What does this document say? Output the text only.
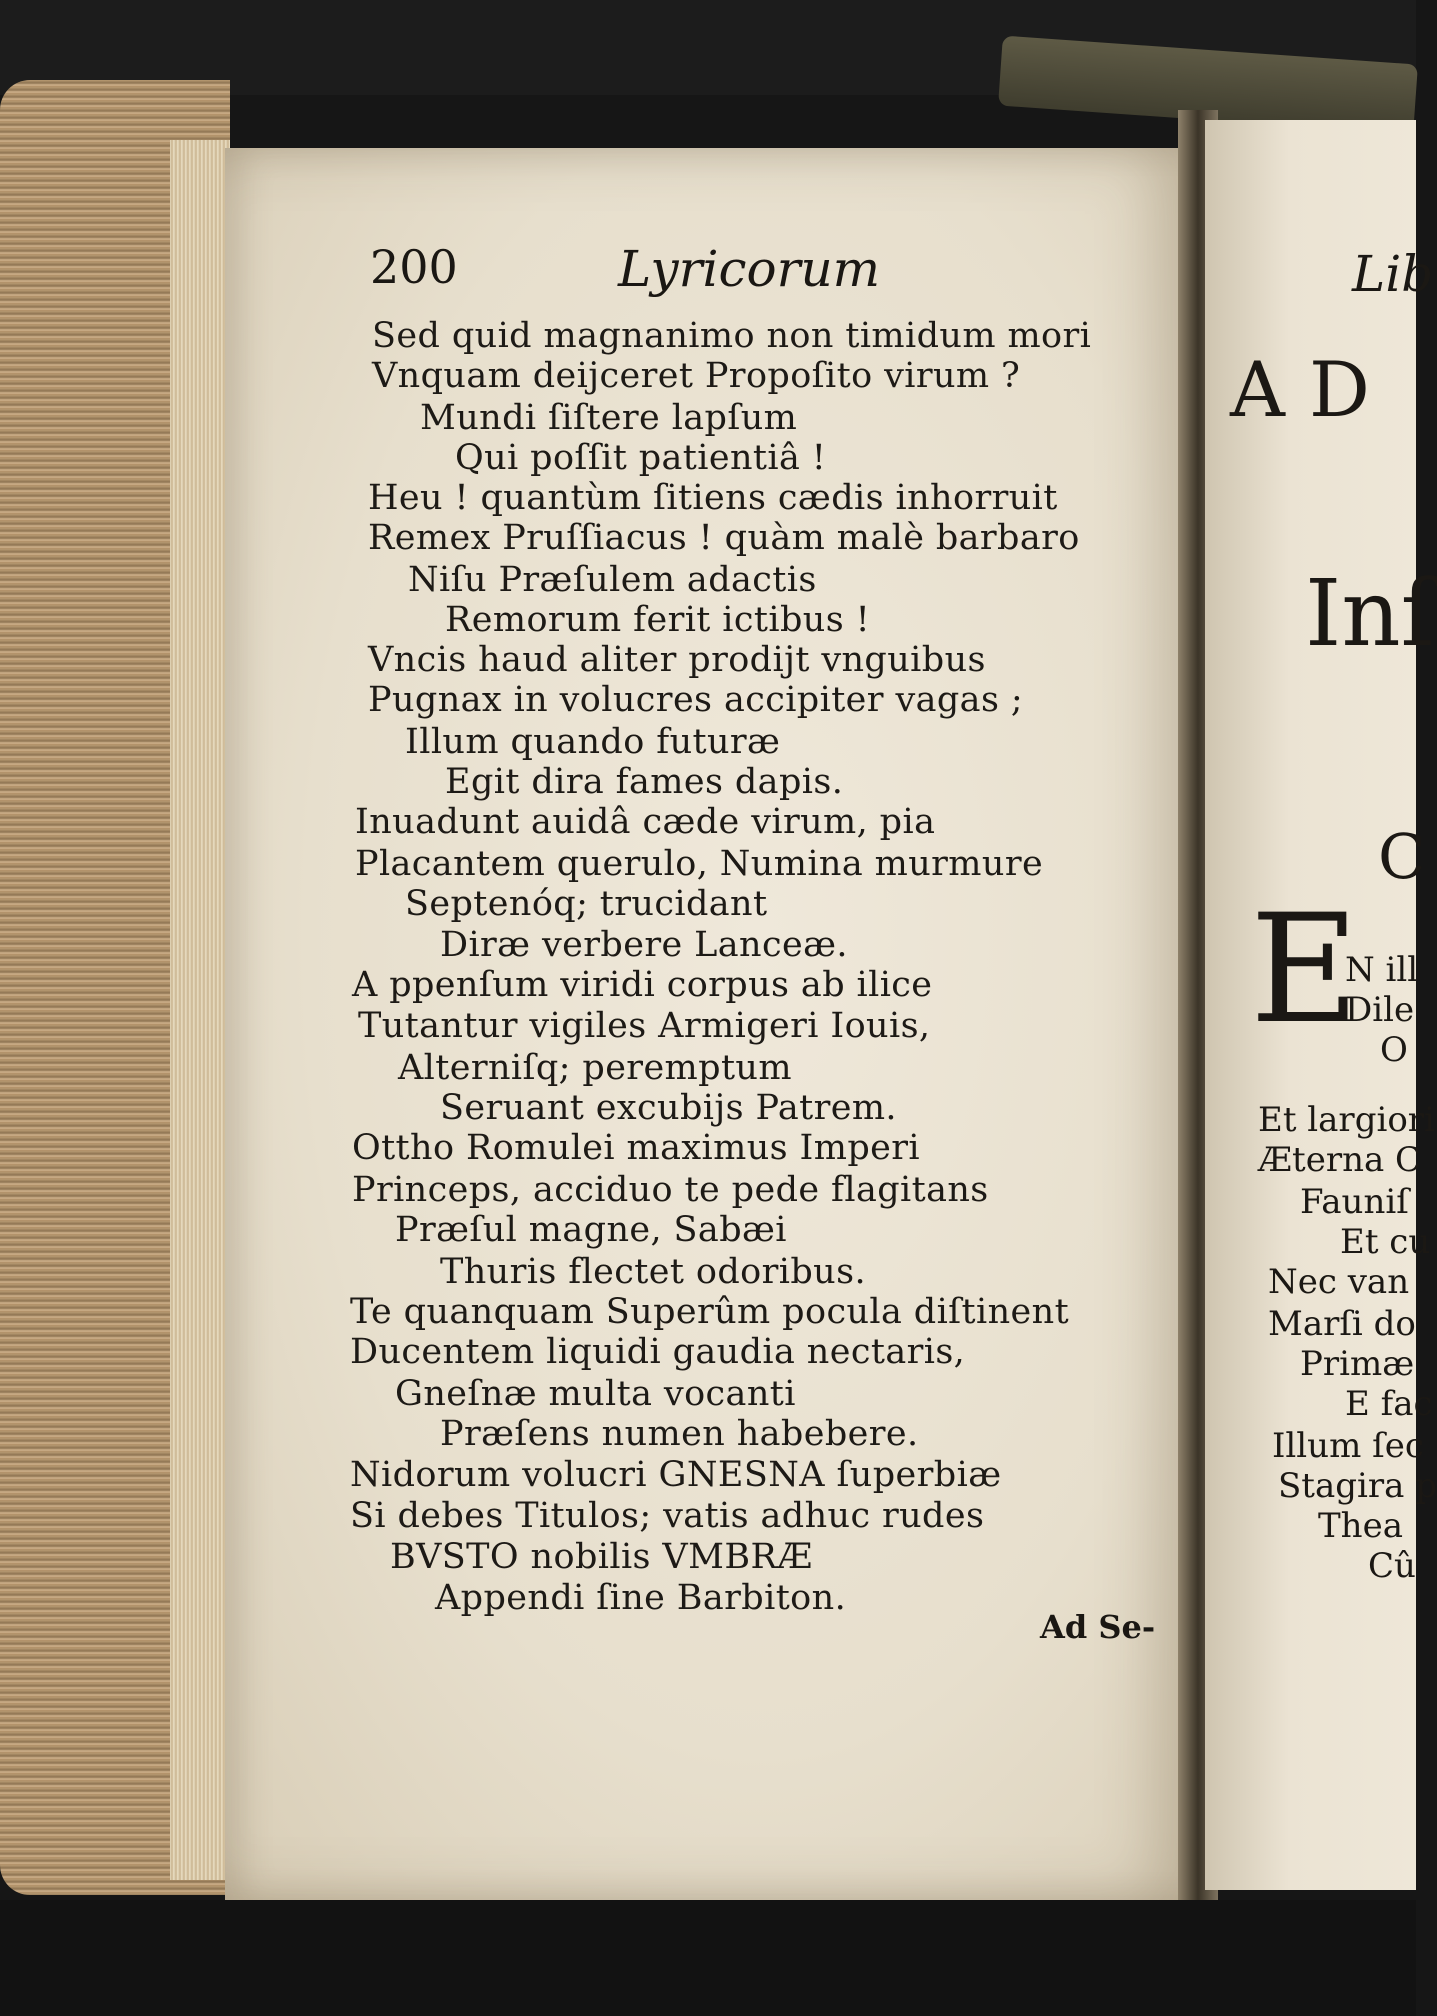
200	Lyricorum
Sed quid magnanimo non timidum mori
Vnquam deijceret Propoſito virum ?
Mundi ſiſtere lapſum
Qui poſſit patientiâ !
Heu ! quantùm ſitiens cædis inhorruit
Remex Pruſſiacus ! quàm malè barbaro
Niſu Præſulem adactis
Remorum ferit ictibus !
Vncis haud aliter prodijt vnguibus
Pugnax in volucres accipiter vagas ;
Illum quando futuræ
Egit dira fames dapis.
Inuadunt auidâ cæde virum, pia
Placantem querulo, Numina murmure
Septenóq; trucidant
Diræ verbere Lanceæ.
A ppenſum viridi corpus ab ilice
Tutantur vigiles Armigeri Iouis,
Alterniſq; peremptum
Seruant excubijs Patrem.
Ottho Romulei maximus Imperi
Princeps, acciduo te pede flagitans
Præſul magne, Sabæi
Thuris flectet odoribus.
Te quanquam Superûm pocula diſtinent
Ducentem liquidi gaudia nectaris,
Gneſnæ multa vocanti
Præſens numen habebere.
Nidorum volucri GNESNA ſuperbiæ
Si debes Titulos; vatis adhuc rudes
BVSTO nobilis VMBRÆ
Appendi ſine Barbiton.
Ad Se-
Lib
A D
Inſ
C
E
N ill
Dile
O
Et largiori
Æterna C
Fauniſ
Et cu
Nec van
Marſi do
Primæ
E fac
Illum ſec
Stagira p
Thea
Cû
